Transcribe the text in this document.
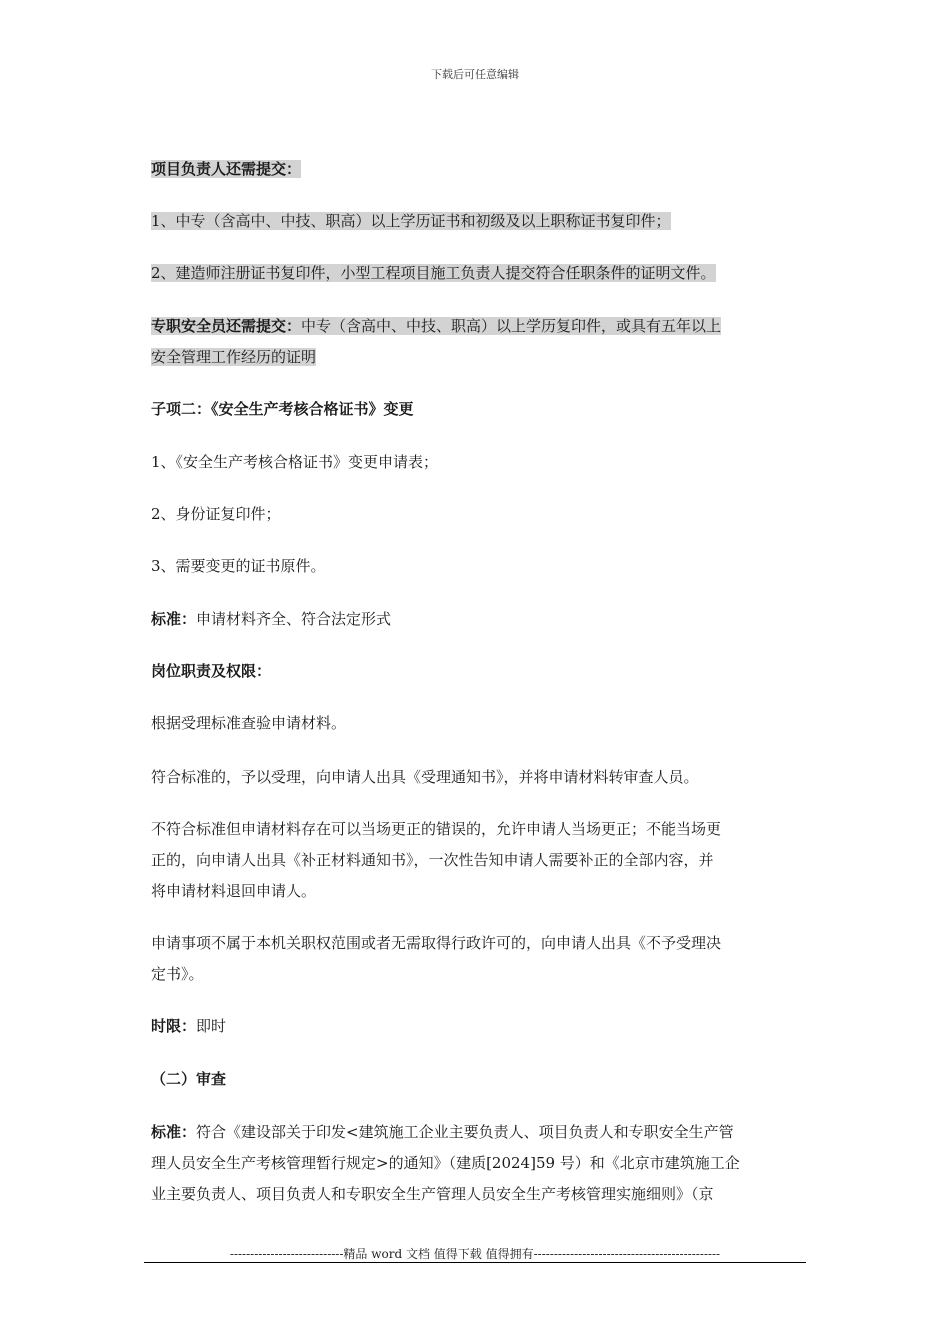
下载后可任意编辑
项目负责人还需提交：
1、中专（含高中、中技、职高）以上学历证书和初级及以上职称证书复印件；
2、建造师注册证书复印件，小型工程项目施工负责人提交符合任职条件的证明文件。
专职安全员还需提交：中专（含高中、中技、职高）以上学历复印件，或具有五年以上
安全管理工作经历的证明
子项二：《安全生产考核合格证书》变更
1、《安全生产考核合格证书》变更申请表；
2、身份证复印件；
3、需要变更的证书原件。
标准：申请材料齐全、符合法定形式
岗位职责及权限：
根据受理标准查验申请材料。
符合标准的，予以受理，向申请人出具《受理通知书》，并将申请材料转审查人员。
不符合标准但申请材料存在可以当场更正的错误的，允许申请人当场更正；不能当场更
正的，向申请人出具《补正材料通知书》，一次性告知申请人需要补正的全部内容，并
将申请材料退回申请人。
申请事项不属于本机关职权范围或者无需取得行政许可的，向申请人出具《不予受理决
定书》。
时限：即时
（二）审查
标准：符合《建设部关于印发<建筑施工企业主要负责人、项目负责人和专职安全生产管
理人员安全生产考核管理暂行规定>的通知》（建质[2024]59 号）和《北京市建筑施工企
业主要负责人、项目负责人和专职安全生产管理人员安全生产考核管理实施细则》（京
----------------------------精品 word 文档 值得下载 值得拥有----------------------------------------------
